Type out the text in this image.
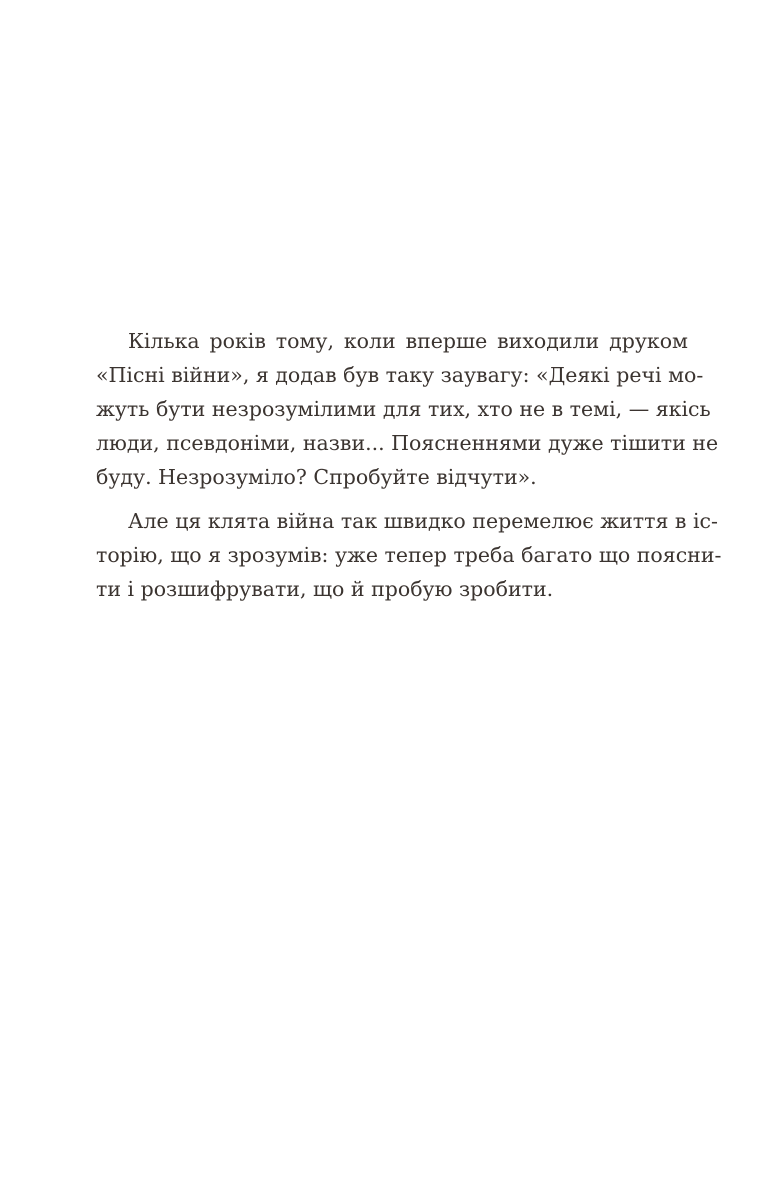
Кілька років тому, коли вперше виходили друком
«Пісні війни», я додав був таку заувагу: «Деякі речі мо-
жуть бути незрозумілими для тих, хто не в темі, — якісь
люди, псевдоніми, назви... Поясненнями дуже тішити не
буду. Незрозуміло? Спробуйте відчути».
Але ця клята війна так швидко перемелює життя в іс-
торію, що я зрозумів: уже тепер треба багато що поясни-
ти і розшифрувати, що й пробую зробити.
